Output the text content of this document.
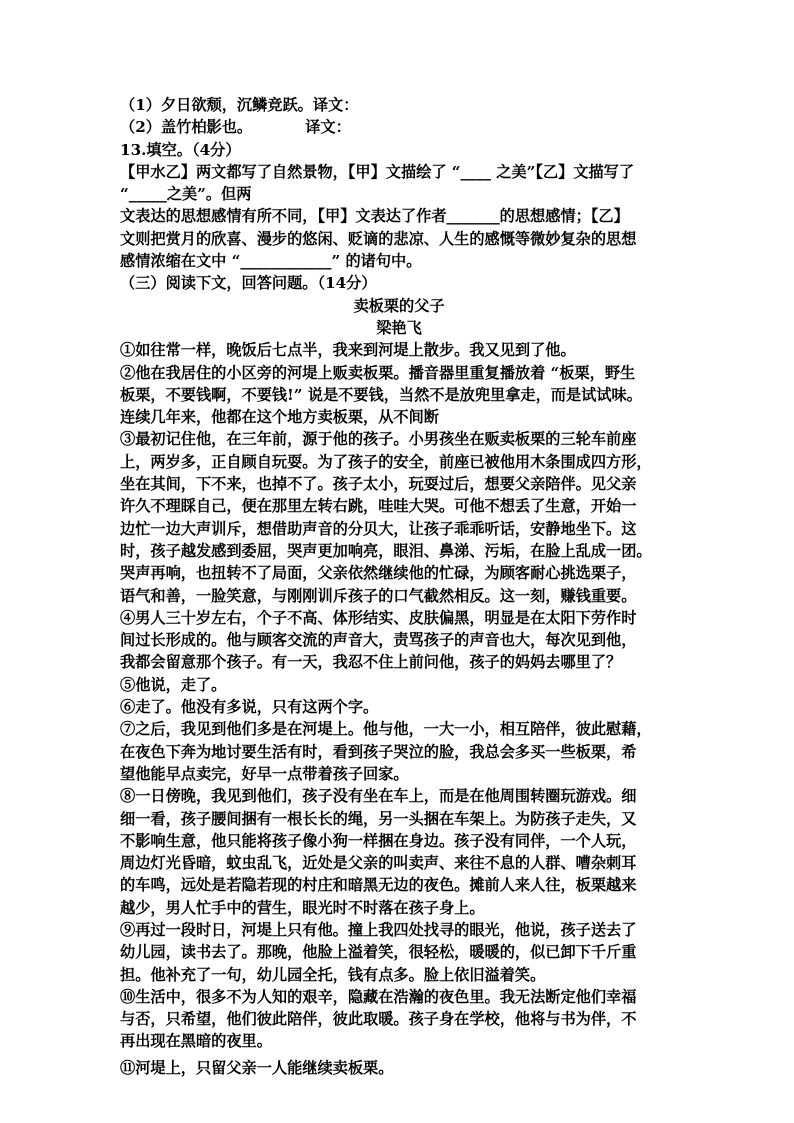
（1）夕日欲颓，沉鳞竞跃。译文：
（2）盖竹柏影也。　　　　译文：
13.填空。（4分）
【甲水乙】两文都写了自然景物，【甲】文描绘了 “____ 之美”【乙】文描写了
“_____之美”。但两
文表达的思想感情有所不同，【甲】文表达了作者_______的思想感情；【乙】
文则把赏月的欣喜、漫步的悠闲、贬谪的悲凉、人生的感慨等微妙复杂的思想
感情浓缩在文中 “____________” 的诸句中。
（三）阅读下文，回答问题。（14分）
卖板栗的父子
梁艳飞
①如往常一样，晚饭后七点半，我来到河堤上散步。我又见到了他。
②他在我居住的小区旁的河堤上贩卖板栗。播音器里重复播放着 “板栗，野生
板栗，不要钱啊，不要钱!” 说是不要钱，当然不是放兜里拿走，而是试试味。
连续几年来，他都在这个地方卖板栗，从不间断
③最初记住他，在三年前，源于他的孩子。小男孩坐在贩卖板栗的三轮车前座
上，两岁多，正自顾自玩耍。为了孩子的安全，前座已被他用木条围成四方形，
坐在其间，下不来，也掉不了。孩子太小，玩耍过后，想要父亲陪伴。见父亲
许久不理睬自己，便在那里左转右跳，哇哇大哭。可他不想丢了生意，开始一
边忙一边大声训斥，想借助声音的分贝大，让孩子乖乖听话，安静地坐下。这
时，孩子越发感到委屈，哭声更加响亮，眼泪、鼻涕、污垢，在脸上乱成一团。
哭声再响，也扭转不了局面，父亲依然继续他的忙碌，为顾客耐心挑选栗子，
语气和善，一脸笑意，与刚刚训斥孩子的口气截然相反。这一刻，赚钱重要。
④男人三十岁左右，个子不高、体形结实、皮肤偏黑，明显是在太阳下劳作时
间过长形成的。他与顾客交流的声音大，责骂孩子的声音也大，每次见到他，
我都会留意那个孩子。有一天，我忍不住上前问他，孩子的妈妈去哪里了？
⑤他说，走了。
⑥走了。他没有多说，只有这两个字。
⑦之后，我见到他们多是在河堤上。他与他，一大一小，相互陪伴，彼此慰藉，
在夜色下奔为地讨要生活有时，看到孩子哭泣的脸，我总会多买一些板栗，希
望他能早点卖完，好早一点带着孩子回家。
⑧一日傍晚，我见到他们，孩子没有坐在车上，而是在他周围转圈玩游戏。细
细一看，孩子腰间捆有一根长长的绳，另一头捆在车架上。为防孩子走失，又
不影响生意，他只能将孩子像小狗一样捆在身边。孩子没有同伴，一个人玩，
周边灯光昏暗，蚊虫乱飞，近处是父亲的叫卖声、来往不息的人群、嘈杂刺耳
的车鸣，远处是若隐若现的村庄和暗黑无边的夜色。摊前人来人往，板栗越来
越少，男人忙手中的营生，眼光时不时落在孩子身上。
⑨再过一段时日，河堤上只有他。撞上我四处找寻的眼光，他说，孩子送去了
幼儿园，读书去了。那晚，他脸上溢着笑，很轻松，暖暖的，似已卸下千斤重
担。他补充了一句，幼儿园全托，钱有点多。脸上依旧溢着笑。
⑩生活中，很多不为人知的艰辛，隐藏在浩瀚的夜色里。我无法断定他们幸福
与否，只希望，他们彼此陪伴，彼此取暖。孩子身在学校，他将与书为伴，不
再出现在黑暗的夜里。
⑪河堤上，只留父亲一人能继续卖板栗。
